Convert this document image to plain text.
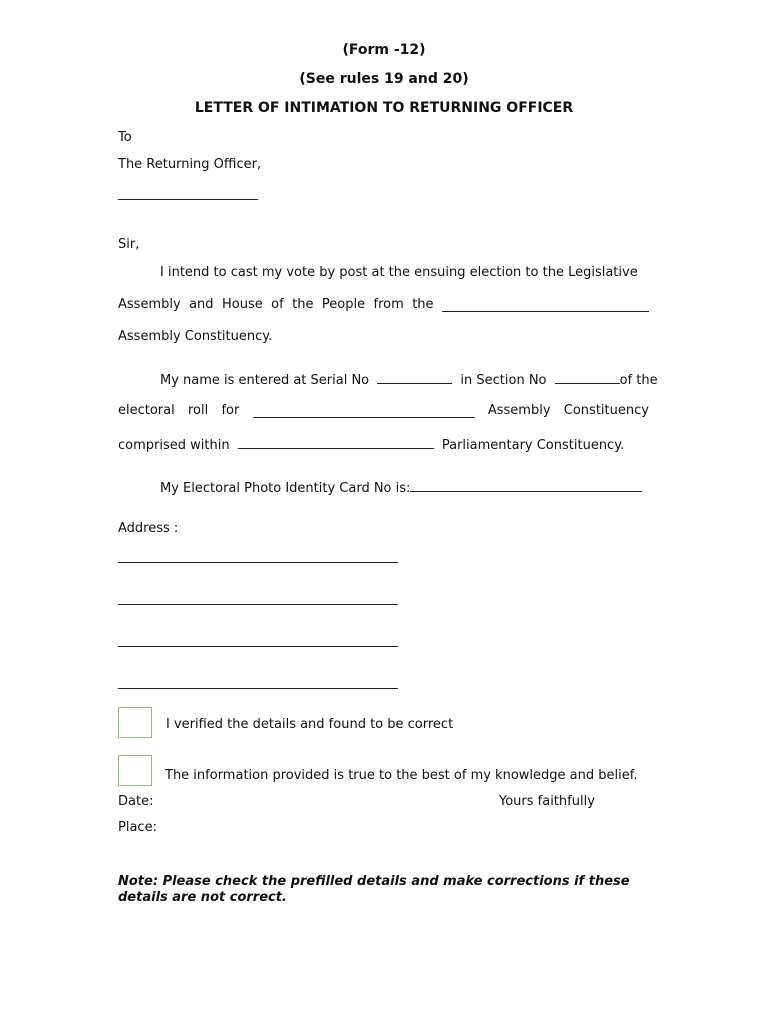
(Form -12)
(See rules 19 and 20)
LETTER OF INTIMATION TO RETURNING OFFICER
To
The Returning Officer,
Sir,
I intend to cast my vote by post at the ensuing election to the Legislative
Assembly and House of the People from the
Assembly Constituency.
My name is entered at Serial No	in Section No	of the
electoral roll for	Assembly Constituency
comprised within	Parliamentary Constituency.
My Electoral Photo Identity Card No is:
Address :
I verified the details and found to be correct
The information provided is true to the best of my knowledge and belief.
Date:	Yours faithfully
Place:
Note: Please check the prefilled details and make corrections if these details are not correct.
